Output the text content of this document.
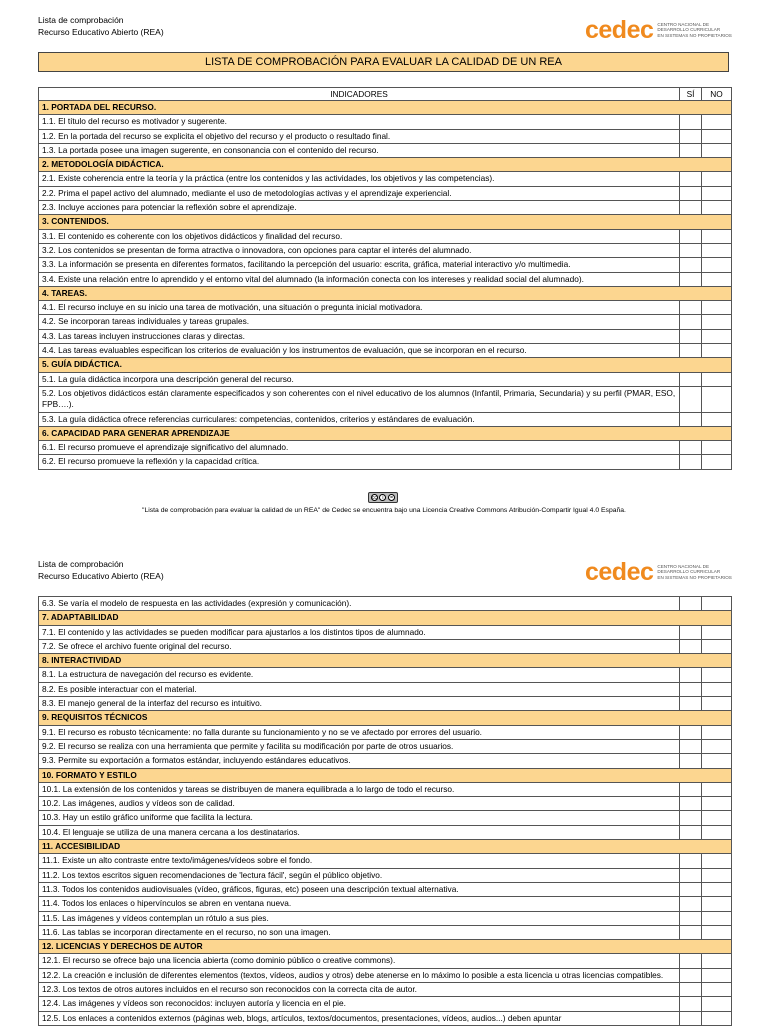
Lista de comprobación
Recurso Educativo Abierto (REA)	cedec CENTRO NACIONAL DE
DESARROLLO CURRICULAR
EN SISTEMAS NO PROPIETARIOS
LISTA DE COMPROBACIÓN PARA EVALUAR LA CALIDAD DE UN REA
INDICADORES	SÍ	NO
1. PORTADA DEL RECURSO.		
1.1. El título del recurso es motivador y sugerente.		
1.2. En la portada del recurso se explicita el objetivo del recurso y el producto o resultado final.		
1.3. La portada posee una imagen sugerente, en consonancia con el contenido del recurso.		
2. METODOLOGÍA DIDÁCTICA.		
2.1. Existe coherencia entre la teoría y la práctica (entre los contenidos y las actividades, los objetivos y las competencias).		
2.2. Prima el papel activo del alumnado, mediante el uso de metodologías activas y el aprendizaje experiencial.		
2.3. Incluye acciones para potenciar la reflexión sobre el aprendizaje.		
3. CONTENIDOS.		
3.1. El contenido es coherente con los objetivos didácticos y finalidad del recurso.		
3.2. Los contenidos se presentan de forma atractiva o innovadora, con opciones para captar el interés del alumnado.		
3.3. La información se presenta en diferentes formatos, facilitando la percepción del usuario: escrita, gráfica, material interactivo y/o multimedia.		
3.4. Existe una relación entre lo aprendido y el entorno vital del alumnado (la información conecta con los intereses y realidad social del alumnado).		
4. TAREAS.		
4.1. El recurso incluye en su inicio una tarea de motivación, una situación o pregunta inicial motivadora.		
4.2. Se incorporan tareas individuales y tareas grupales.		
4.3. Las tareas incluyen instrucciones claras y directas.		
4.4. Las tareas evaluables especifican los criterios de evaluación y los instrumentos de evaluación, que se incorporan en el recurso.		
5. GUÍA DIDÁCTICA.		
5.1. La guía didáctica incorpora una descripción general del recurso.		
5.2. Los objetivos didácticos están claramente especificados y son coherentes con el nivel educativo de los alumnos (Infantil, Primaria, Secundaria) y su perfil (PMAR, ESO, FPB….).		
5.3. La guía didáctica ofrece referencias curriculares: competencias, contenidos, criterios y estándares de evaluación.		
6. CAPACIDAD PARA GENERAR APRENDIZAJE		
6.1. El recurso promueve el aprendizaje significativo del alumnado.		
6.2. El recurso promueve la reflexión y la capacidad crítica.		
cc	i	=
"Lista de comprobación para evaluar la calidad de un REA" de Cedec se encuentra bajo una Licencia Creative Commons Atribución-Compartir Igual 4.0 España.
Lista de comprobación
Recurso Educativo Abierto (REA)	cedec CENTRO NACIONAL DE
DESARROLLO CURRICULAR
EN SISTEMAS NO PROPIETARIOS
6.3. Se varía el modelo de respuesta en las actividades (expresión y comunicación).		
7. ADAPTABILIDAD		
7.1. El contenido y las actividades se pueden modificar para ajustarlos a los distintos tipos de alumnado.		
7.2. Se ofrece el archivo fuente original del recurso.		
8. INTERACTIVIDAD		
8.1. La estructura de navegación del recurso es evidente.		
8.2. Es posible interactuar con el material.		
8.3. El manejo general de la interfaz del recurso es intuitivo.		
9. REQUISITOS TÉCNICOS		
9.1. El recurso es robusto técnicamente: no falla durante su funcionamiento y no se ve afectado por errores del usuario.		
9.2. El recurso se realiza con una herramienta que permite y facilita su modificación por parte de otros usuarios.		
9.3. Permite su exportación a formatos estándar, incluyendo estándares educativos.		
10. FORMATO Y ESTILO		
10.1. La extensión de los contenidos y tareas se distribuyen de manera equilibrada a lo largo de todo el recurso.		
10.2. Las imágenes, audios y vídeos son de calidad.		
10.3. Hay un estilo gráfico uniforme que facilita la lectura.		
10.4. El lenguaje se utiliza de una manera cercana a los destinatarios.		
11. ACCESIBILIDAD		
11.1. Existe un alto contraste entre texto/imágenes/vídeos sobre el fondo.		
11.2. Los textos escritos siguen recomendaciones de 'lectura fácil', según el público objetivo.		
11.3. Todos los contenidos audiovisuales (vídeo, gráficos, figuras, etc) poseen una descripción textual alternativa.		
11.4. Todos los enlaces o hipervínculos se abren en ventana nueva.		
11.5. Las imágenes y vídeos contemplan un rótulo a sus pies.		
11.6. Las tablas se incorporan directamente en el recurso, no son una imagen.		
12. LICENCIAS Y DERECHOS DE AUTOR		
12.1. El recurso se ofrece bajo una licencia abierta (como dominio público o creative commons).		
12.2. La creación e inclusión de diferentes elementos (textos, vídeos, audios y otros) debe atenerse en lo máximo lo posible a esta licencia u otras licencias compatibles.		
12.3. Los textos de otros autores incluidos en el recurso son reconocidos con la correcta cita de autor.		
12.4. Las imágenes y vídeos son reconocidos: incluyen autoría y licencia en el pie.		
12.5. Los enlaces a contenidos externos (páginas web, blogs, artículos, textos/documentos, presentaciones, vídeos, audios...) deben apuntar		
